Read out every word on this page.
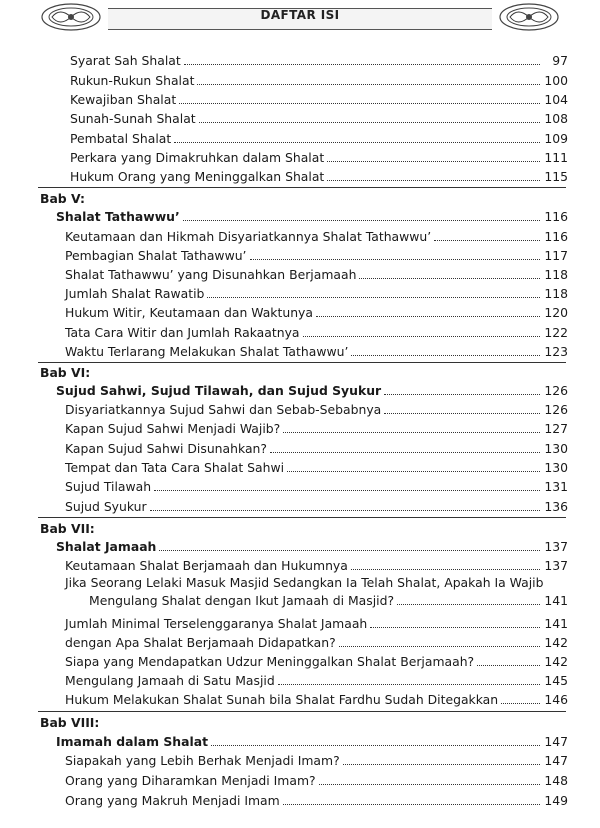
DAFTAR ISI
Syarat Sah Shalat	97
Rukun-Rukun Shalat	100
Kewajiban Shalat	104
Sunah-Sunah Shalat	108
Pembatal Shalat	109
Perkara yang Dimakruhkan dalam Shalat	111
Hukum Orang yang Meninggalkan Shalat	115
Bab V:
Shalat Tathawwu’	116
Keutamaan dan Hikmah Disyariatkannya Shalat Tathawwu’	116
Pembagian Shalat Tathawwu’	117
Shalat Tathawwu’ yang Disunahkan Berjamaah	118
Jumlah Shalat Rawatib	118
Hukum Witir, Keutamaan dan Waktunya	120
Tata Cara Witir dan Jumlah Rakaatnya	122
Waktu Terlarang Melakukan Shalat Tathawwu’	123
Bab VI:
Sujud Sahwi, Sujud Tilawah, dan Sujud Syukur	126
Disyariatkannya Sujud Sahwi dan Sebab-Sebabnya	126
Kapan Sujud Sahwi Menjadi Wajib?	127
Kapan Sujud Sahwi Disunahkan?	130
Tempat dan Tata Cara Shalat Sahwi	130
Sujud Tilawah	131
Sujud Syukur	136
Bab VII:
Shalat Jamaah	137
Keutamaan Shalat Berjamaah dan Hukumnya	137
Jika Seorang Lelaki Masuk Masjid Sedangkan Ia Telah Shalat, Apakah Ia Wajib
Mengulang Shalat dengan Ikut Jamaah di Masjid?	141
Jumlah Minimal Terselenggaranya Shalat Jamaah	141
dengan Apa Shalat Berjamaah Didapatkan?	142
Siapa yang Mendapatkan Udzur Meninggalkan Shalat Berjamaah?	142
Mengulang Jamaah di Satu Masjid	145
Hukum Melakukan Shalat Sunah bila Shalat Fardhu Sudah Ditegakkan	146
Bab VIII:
Imamah dalam Shalat	147
Siapakah yang Lebih Berhak Menjadi Imam?	147
Orang yang Diharamkan Menjadi Imam?	148
Orang yang Makruh Menjadi Imam	149
